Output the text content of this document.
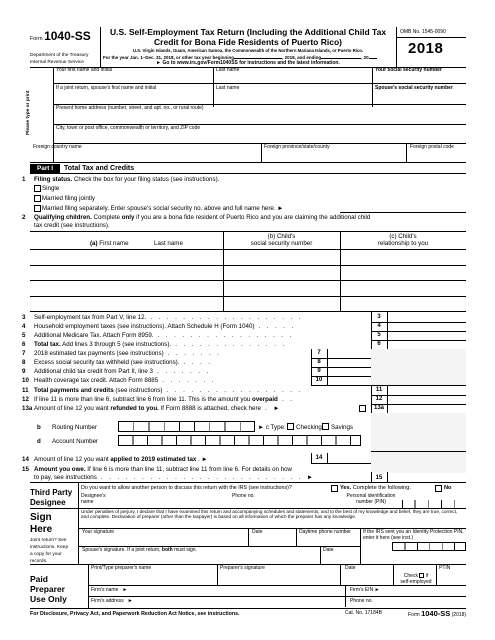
Form 1040-SS
Department of the Treasury
Internal Revenue Service
U.S. Self-Employment Tax Return (Including the Additional Child Tax
Credit for Bona Fide Residents of Puerto Rico)
U.S. Virgin Islands, Guam, American Samoa, the Commonwealth of the Northern Mariana Islands, or Puerto Rico.
For the year Jan. 1–Dec. 31, 2018, or other tax year beginning	, 2018, and ending	, 20
► Go to www.irs.gov/Form1040SS for instructions and the latest information.
OMB No. 1545-0090
2018
Please type or print
Your first name and initial	Last name	Your social security number
If a joint return, spouse's first name and initial	Last name	Spouse's social security number
Present home address (number, street, and apt. no., or rural route)
City, town or post office, commonwealth or territory, and ZIP code
Foreign country name	Foreign province/state/county	Foreign postal code
Part I	Total Tax and Credits
1 Filing status. Check the box for your filing status (see instructions).
Single
Married filing jointly
Married filing separately. Enter spouse's social security no. above and full name here. ►
2 Qualifying children. Complete only if you are a bona fide resident of Puerto Rico and you are claiming the additional child
tax credit (see instructions).
(a) First name	Last name
(b) Child's
social security number
(c) Child's
relationship to you
3 Self-employment tax from Part V, line 12. . . . . . . . . . . . . . . . . . . .	3
4 Household employment taxes (see instructions). Attach Schedule H (Form 1040) . . . . .	4
5 Additional Medicare Tax. Attach Form 8959. . . . . . . . . . . . . . . . . .	5
6 Total tax. Add lines 3 through 5 (see instructions). . . . . . . . . . . . . . .	6
7 2018 estimated tax payments (see instructions) . . . . . . .	7
8 Excess social security tax withheld (see instructions). . . . .	8
9 Additional child tax credit from Part II, line 3 . . . . . . .	9
10 Health coverage tax credit. Attach Form 8885 . . . . . . .	10
11 Total payments and credits (see instructions) . . . . . . . . . . . . . . . . .	11
12 If line 11 is more than line 6, subtract line 6 from line 11. This is the amount you overpaid . .	12
13a Amount of line 12 you want refunded to you. If Form 8888 is attached, check here . ►	13a
b Routing Number	► c Type: Checking Savings
d Account Number
14 Amount of line 12 you want applied to 2019 estimated tax . ►	14
15 Amount you owe. If line 6 is more than line 11, subtract line 11 from line 6. For details on how
to pay, see instructions . . . . . . . . . . . . . . . . . . . . . . . . . ►	15
Third Party
Designee
Do you want to allow another person to discuss this return with the IRS (see instructions)?	Yes. Complete the following.	No
Designee's name
Phone no.	Personal identification number (PIN)
Sign
Here
Joint return? See instructions. Keep a copy for your records.
Under penalties of perjury, I declare that I have examined this return and accompanying schedules and statements, and to the best of my knowledge and belief, they are true, correct, and complete. Declaration of preparer (other than the taxpayer) is based on all information of which the preparer has any knowledge.
Your signature	Date	Daytime phone number If the IRS sent you an Identity Protection PIN, enter it here (see inst.)
Spouse's signature. If a joint return, both must sign.	Date
Paid
Preparer
Use Only
Print/Type preparer's name	Preparer's signature	Date
Check if
self-employed
PTIN
Firm's name   ►	Firm's EIN ►
Firm's address   ►	Phone no.
For Disclosure, Privacy Act, and Paperwork Reduction Act Notice, see instructions.	Cat. No. 17184B	Form 1040-SS (2018)
